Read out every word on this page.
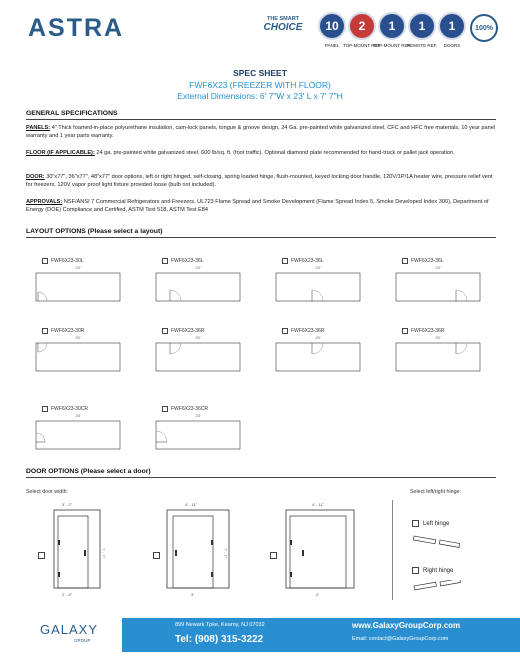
ASTRA	THE SMART
CHOICE	10
PANEL
2
TOP-MOUNT REF.
1
TOP-MOUNT REF.
1
REMOTE REF.
1
DOORS
100%
SPEC SHEET
FWF6X23 (FREEZER WITH FLOOR)
External Dimensions: 6' 7"W x 23' L x 7' 7"H
GENERAL SPECIFICATIONS
PANELS: 4" Thick foamed-in-place polyurethane insulation, cam-lock panels, tongue & groove design, 24 Ga. pre-painted white galvanized steel, CFC and HFC free materials, 10 year panel warranty and 1 year parts warranty.
FLOOR (IF APPLICABLE): 24 ga. pre-painted white galvanized steel, 600 lb/sq. ft. (foot traffic). Optional diamond plate recommended for hand-truck or pallet jack operation.
DOOR: 30"x77", 36"x77", 48"x77" door options, left or right hinged, self-closing, spring loaded hinge, flush-mounted, keyed locking door handle, 120V/1P/1A heater wire, pressure relief vent for freezers, 120V vapor proof light fixture provided loose (bulb not included).
APPROVALS: NSF/ANSI 7 Commercial Refrigerators and Freezers, UL723 Flame Spread and Smoke Development (Flame Spread Index 5, Smoke Developed Index 300), Department of Energy (DOE) Compliance and Certified, ASTM Test 518, ASTM Test E84
LAYOUT OPTIONS (Please select a layout)
FWF6X23-30L
23'
FWF6X23-36L
23'
FWF6X23-36L
23'
FWF6X23-36L
23'
FWF6X23-30R
23'
FWF6X23-36R
23'
FWF6X23-36R
23'
FWF6X23-36R
23'
FWF6X23-30CR
23'
FWF6X23-36CR
23'
DOOR OPTIONS (Please select a door)
Select door width:	Select left/right hinge:
3' - 2"
2' - 6"
7' - 7"
4' - 11"
3'
7' - 7"
4' - 11"
4'
Left hinge
Right hinge
GALAXY
GROUP
899 Newark Tpke, Kearny, NJ 07032
Tel: (908) 315-3222
www.GalaxyGroupCorp.com
Email: contact@GalaxyGroupCorp.com
